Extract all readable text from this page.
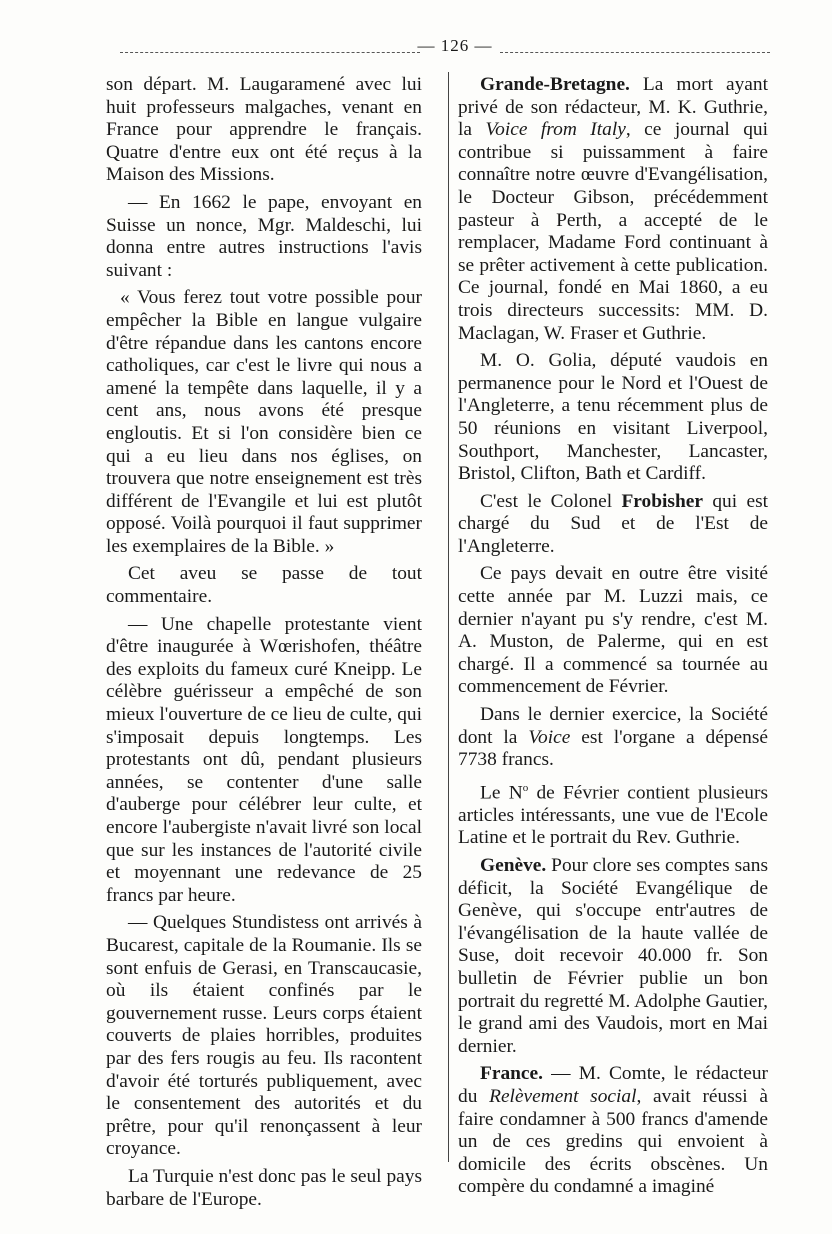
— 126 —

son départ. M. Laugaramené avec lui huit professeurs malgaches, venant en France pour apprendre le français. Quatre d'entre eux ont été reçus à la Maison des Missions.

— En 1662 le pape, envoyant en Suisse un nonce, Mgr. Maldeschi, lui donna entre autres instructions l'avis suivant :

« Vous ferez tout votre possible pour empêcher la Bible en langue vulgaire d'être répandue dans les cantons encore catholiques, car c'est le livre qui nous a amené la tempête dans laquelle, il y a cent ans, nous avons été presque engloutis. Et si l'on considère bien ce qui a eu lieu dans nos églises, on trouvera que notre enseignement est très différent de l'Evangile et lui est plutôt opposé. Voilà pourquoi il faut supprimer les exemplaires de la Bible. »

Cet aveu se passe de tout commentaire.

— Une chapelle protestante vient d'être inaugurée à Wœrishofen, théâtre des exploits du fameux curé Kneipp. Le célèbre guérisseur a empêché de son mieux l'ouverture de ce lieu de culte, qui s'imposait depuis longtemps. Les protestants ont dû, pendant plusieurs années, se contenter d'une salle d'auberge pour célébrer leur culte, et encore l'aubergiste n'avait livré son local que sur les instances de l'autorité civile et moyennant une redevance de 25 francs par heure.

— Quelques Stundistess ont arrivés à Bucarest, capitale de la Roumanie. Ils se sont enfuis de Gerasi, en Transcaucasie, où ils étaient confinés par le gouvernement russe. Leurs corps étaient couverts de plaies horribles, produites par des fers rougis au feu. Ils racontent d'avoir été torturés publiquement, avec le consentement des autorités et du prêtre, pour qu'il renonçassent à leur croyance.

La Turquie n'est donc pas le seul pays barbare de l'Europe.

Grande-Bretagne. La mort ayant privé de son rédacteur, M. K. Guthrie, la Voice from Italy, ce journal qui contribue si puissamment à faire connaître notre œuvre d'Evangélisation, le Docteur Gibson, précédemment pasteur à Perth, a accepté de le remplacer, Madame Ford continuant à se prêter activement à cette publication. Ce journal, fondé en Mai 1860, a eu trois directeurs successits: MM. D. Maclagan, W. Fraser et Guthrie.

M. O. Golia, député vaudois en permanence pour le Nord et l'Ouest de l'Angleterre, a tenu récemment plus de 50 réunions en visitant Liverpool, Southport, Manchester, Lancaster, Bristol, Clifton, Bath et Cardiff.

C'est le Colonel Frobisher qui est chargé du Sud et de l'Est de l'Angleterre.

Ce pays devait en outre être visité cette année par M. Luzzi mais, ce dernier n'ayant pu s'y rendre, c'est M. A. Muston, de Palerme, qui en est chargé. Il a commencé sa tournée au commencement de Février.

Dans le dernier exercice, la Société dont la Voice est l'organe a dépensé 7738 francs.

Le $N^o$ de Février contient plusieurs articles intéressants, une vue de l'Ecole Latine et le portrait du Rev. Guthrie.

Genève. Pour clore ses comptes sans déficit, la Société Evangélique de Genève, qui s'occupe entr'autres de l'évangélisation de la haute vallée de Suse, doit recevoir 40.000 fr. Son bulletin de Février publie un bon portrait du regretté M. Adolphe Gautier, le grand ami des Vaudois, mort en Mai dernier.

France. — M. Comte, le rédacteur du Relèvement social, avait réussi à faire condamner à 500 francs d'amende un de ces gredins qui envoient à domicile des écrits obscènes. Un compère du condamné a imaginé
